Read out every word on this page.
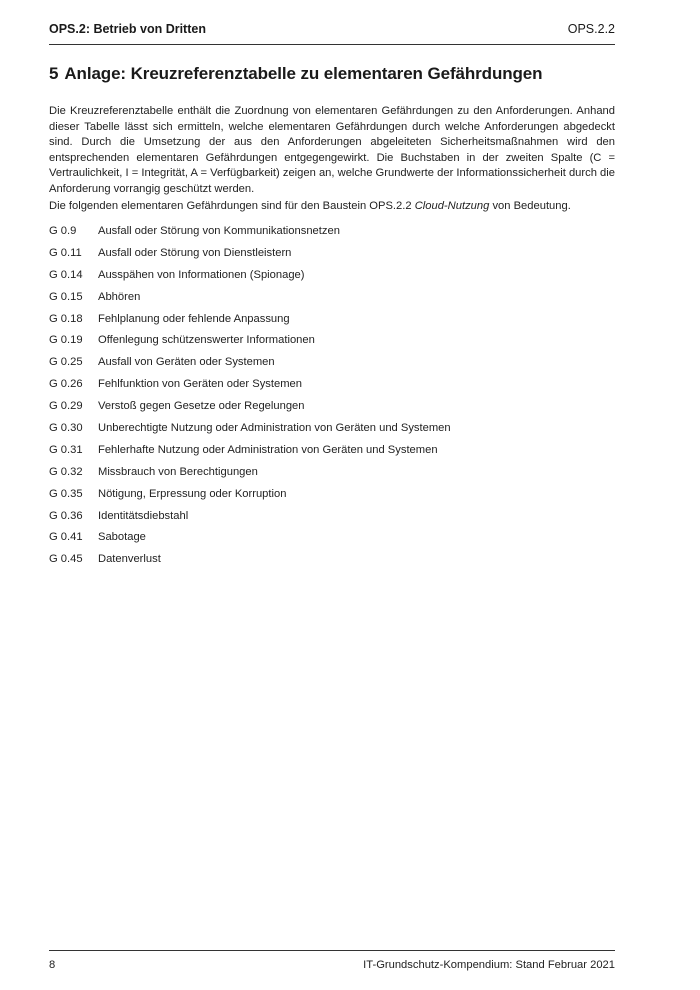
OPS.2: Betrieb von Dritten	OPS.2.2
5 Anlage: Kreuzreferenztabelle zu elementaren Gefährdungen

Die Kreuzreferenztabelle enthält die Zuordnung von elementaren Gefährdungen zu den Anforderungen. Anhand dieser Tabelle lässt sich ermitteln, welche elementaren Gefährdungen durch welche Anforderungen abgedeckt sind. Durch die Umsetzung der aus den Anforderungen abgeleiteten Sicherheitsmaßnahmen wird den entsprechenden elementaren Gefährdungen entgegengewirkt. Die Buchstaben in der zweiten Spalte (C = Vertraulichkeit, I = Integrität, A = Verfügbarkeit) zeigen an, welche Grundwerte der Informationssicherheit durch die Anforderung vorrangig geschützt werden.

Die folgenden elementaren Gefährdungen sind für den Baustein OPS.2.2 Cloud-Nutzung von Bedeutung.

G 0.9	Ausfall oder Störung von Kommunikationsnetzen
G 0.11	Ausfall oder Störung von Dienstleistern
G 0.14	Ausspähen von Informationen (Spionage)
G 0.15	Abhören
G 0.18	Fehlplanung oder fehlende Anpassung
G 0.19	Offenlegung schützenswerter Informationen
G 0.25	Ausfall von Geräten oder Systemen
G 0.26	Fehlfunktion von Geräten oder Systemen
G 0.29	Verstoß gegen Gesetze oder Regelungen
G 0.30	Unberechtigte Nutzung oder Administration von Geräten und Systemen
G 0.31	Fehlerhafte Nutzung oder Administration von Geräten und Systemen
G 0.32	Missbrauch von Berechtigungen
G 0.35	Nötigung, Erpressung oder Korruption
G 0.36	Identitätsdiebstahl
G 0.41	Sabotage
G 0.45	Datenverlust
8	IT-Grundschutz-Kompendium: Stand Februar 2021
